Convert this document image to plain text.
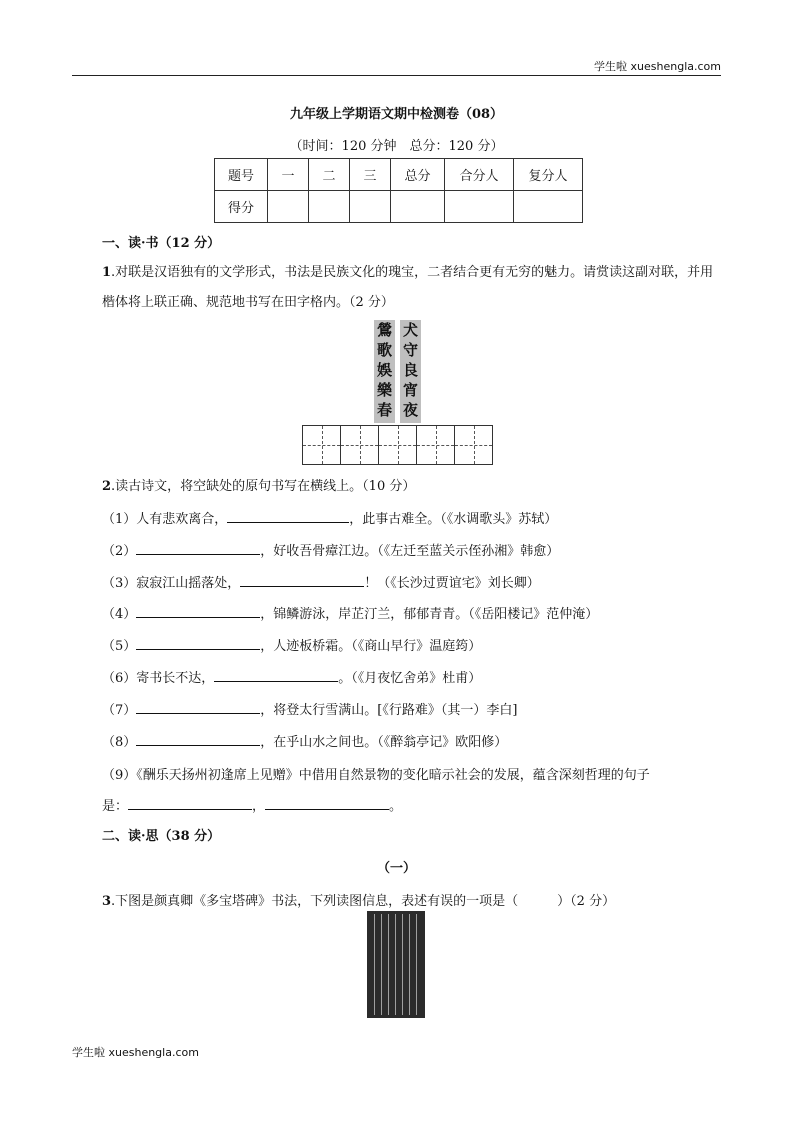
学生啦 xueshengla.com
九年级上学期语文期中检测卷（08）
（时间：120 分钟　总分：120 分）
题号	一	二	三	总分	合分人	复分人
得分						
一、读·书（12 分）
1.对联是汉语独有的文学形式，书法是民族文化的瑰宝，二者结合更有无穷的魅力。请赏读这副对联，并用楷体将上联正确、规范地书写在田字格内。（2 分）
鶯
歌
娛
樂
春
犬
守
良
宵
夜
2.读古诗文，将空缺处的原句书写在横线上。（10 分）
（1）人有悲欢离合，	，此事古难全。（《水调歌头》苏轼）
（2）	，好收吾骨瘴江边。（《左迁至蓝关示侄孙湘》韩愈）
（3）寂寂江山摇落处，	！（《长沙过贾谊宅》刘长卿）
（4）	，锦鳞游泳，岸芷汀兰，郁郁青青。（《岳阳楼记》范仲淹）
（5）	，人迹板桥霜。（《商山早行》温庭筠）
（6）寄书长不达，	。（《月夜忆舍弟》杜甫）
（7）	，将登太行雪满山。[《行路难》（其一）李白]
（8）	，在乎山水之间也。（《醉翁亭记》欧阳修）
（9）《酬乐天扬州初逢席上见赠》中借用自然景物的变化暗示社会的发展，蕴含深刻哲理的句子
是：	，	。
二、读·思（38 分）
（一）
3.下图是颜真卿《多宝塔碑》书法，下列读图信息，表述有误的一项是（　　　）（2 分）
学生啦 xueshengla.com
